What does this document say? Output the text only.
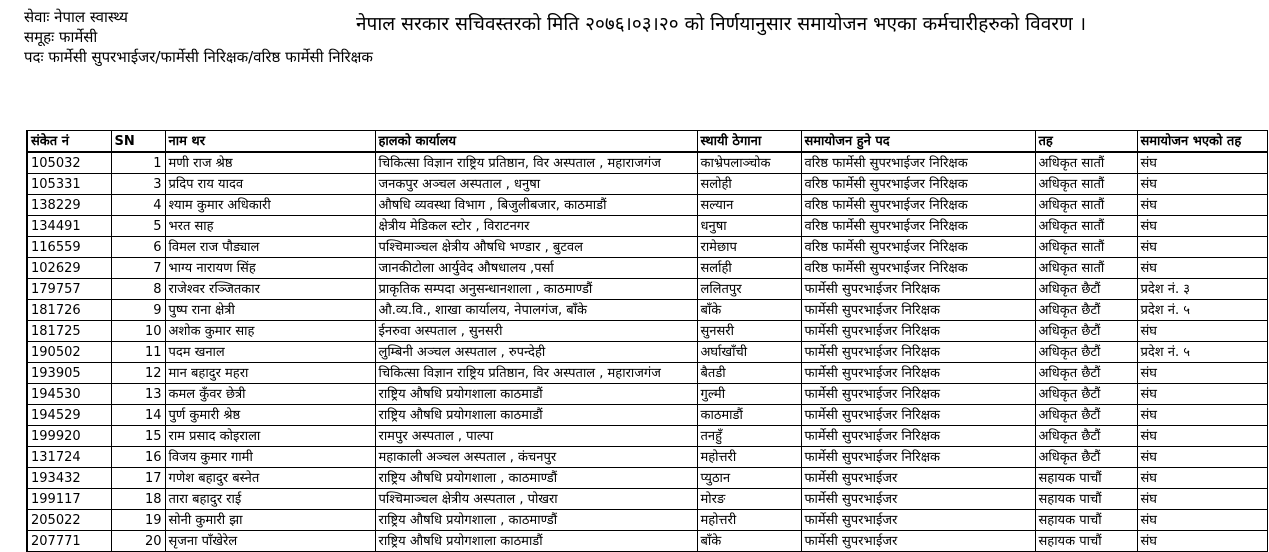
सेवाः नेपाल स्वास्थ्य
समूहः फार्मेसी
पदः फार्मेसी सुपरभाईजर/फार्मेसी निरिक्षक/वरिष्ठ फार्मेसी निरिक्षक
नेपाल सरकार सचिवस्तरको मिति २०७६।०३।२० को निर्णयानुसार समायोजन भएका कर्मचारीहरुको विवरण ।
संकेत नं	SN	नाम थर	हालको कार्यालय	स्थायी ठेगाना	समायोजन हुने पद	तह	समायोजन भएको तह
105032	1	मणी राज श्रेष्ठ	चिकित्सा विज्ञान राष्ट्रिय प्रतिष्ठान, विर अस्पताल , महाराजगंज	काभ्रेपलाञ्चोक	वरिष्ठ फार्मेसी सुपरभाईजर निरिक्षक	अधिकृत सातौं	संघ
105331	3	प्रदिप राय यादव	जनकपुर अञ्चल अस्पताल , धनुषा	सलोही	वरिष्ठ फार्मेसी सुपरभाईजर निरिक्षक	अधिकृत सातौं	संघ
138229	4	श्याम कुमार अधिकारी	औषधि व्यवस्था विभाग , बिजुलीबजार, काठमाडौं	सल्यान	वरिष्ठ फार्मेसी सुपरभाईजर निरिक्षक	अधिकृत सातौं	संघ
134491	5	भरत साह	क्षेत्रीय मेडिकल स्टोर , विराटनगर	धनुषा	वरिष्ठ फार्मेसी सुपरभाईजर निरिक्षक	अधिकृत सातौं	संघ
116559	6	विमल राज पौड्याल	पश्चिमाञ्चल क्षेत्रीय औषधि भण्डार , बुटवल	रामेछाप	वरिष्ठ फार्मेसी सुपरभाईजर निरिक्षक	अधिकृत सातौं	संघ
102629	7	भाग्य नारायण सिंह	जानकीटोला आर्युवेद औषधालय ,पर्सा	सर्लाही	वरिष्ठ फार्मेसी सुपरभाईजर निरिक्षक	अधिकृत सातौं	संघ
179757	8	राजेश्वर रञ्जितकार	प्राकृतिक सम्पदा अनुसन्धानशाला , काठमाण्डौं	ललितपुर	फार्मेसी सुपरभाईजर निरिक्षक	अधिकृत छैटौं	प्रदेश नं. ३
181726	9	पुष्प राना क्षेत्री	औ.व्य.वि., शाखा कार्यालय, नेपालगंज, बाँके	बाँके	फार्मेसी सुपरभाईजर निरिक्षक	अधिकृत छैटौं	प्रदेश नं. ५
181725	10	अशोक कुमार साह	ईनरुवा अस्पताल , सुनसरी	सुनसरी	फार्मेसी सुपरभाईजर निरिक्षक	अधिकृत छैटौं	संघ
190502	11	पदम खनाल	लुम्बिनी अञ्चल अस्पताल , रुपन्देही	अर्घाखाँची	फार्मेसी सुपरभाईजर निरिक्षक	अधिकृत छैटौं	प्रदेश नं. ५
193905	12	मान बहादुर महरा	चिकित्सा विज्ञान राष्ट्रिय प्रतिष्ठान, विर अस्पताल , महाराजगंज	बैतडी	फार्मेसी सुपरभाईजर निरिक्षक	अधिकृत छैटौं	संघ
194530	13	कमल कुँवर छेत्री	राष्ट्रिय औषधि प्रयोगशाला काठमाडौं	गुल्मी	फार्मेसी सुपरभाईजर निरिक्षक	अधिकृत छैटौं	संघ
194529	14	पुर्ण कुमारी श्रेष्ठ	राष्ट्रिय औषधि प्रयोगशाला काठमाडौं	काठमाडौं	फार्मेसी सुपरभाईजर निरिक्षक	अधिकृत छैटौं	संघ
199920	15	राम प्रसाद कोइराला	रामपुर अस्पताल , पाल्पा	तनहुँ	फार्मेसी सुपरभाईजर निरिक्षक	अधिकृत छैटौं	संघ
131724	16	विजय कुमार गामी	महाकाली अञ्चल अस्पताल , कंचनपुर	महोत्तरी	फार्मेसी सुपरभाईजर निरिक्षक	अधिकृत छैटौं	संघ
193432	17	गणेश बहादुर बस्नेत	राष्ट्रिय औषधि प्रयोगशाला , काठमाण्डौं	प्युठान	फार्मेसी सुपरभाईजर	सहायक पाचौं	संघ
199117	18	तारा बहादुर राई	पश्चिमाञ्चल क्षेत्रीय अस्पताल , पोखरा	मोरङ	फार्मेसी सुपरभाईजर	सहायक पाचौं	संघ
205022	19	सोनी कुमारी झा	राष्ट्रिय औषधि प्रयोगशाला , काठमाण्डौं	महोत्तरी	फार्मेसी सुपरभाईजर	सहायक पाचौं	संघ
207771	20	सृजना पाँखेरेल	राष्ट्रिय औषधि प्रयोगशाला काठमाडौं	बाँके	फार्मेसी सुपरभाईजर	सहायक पाचौं	संघ
